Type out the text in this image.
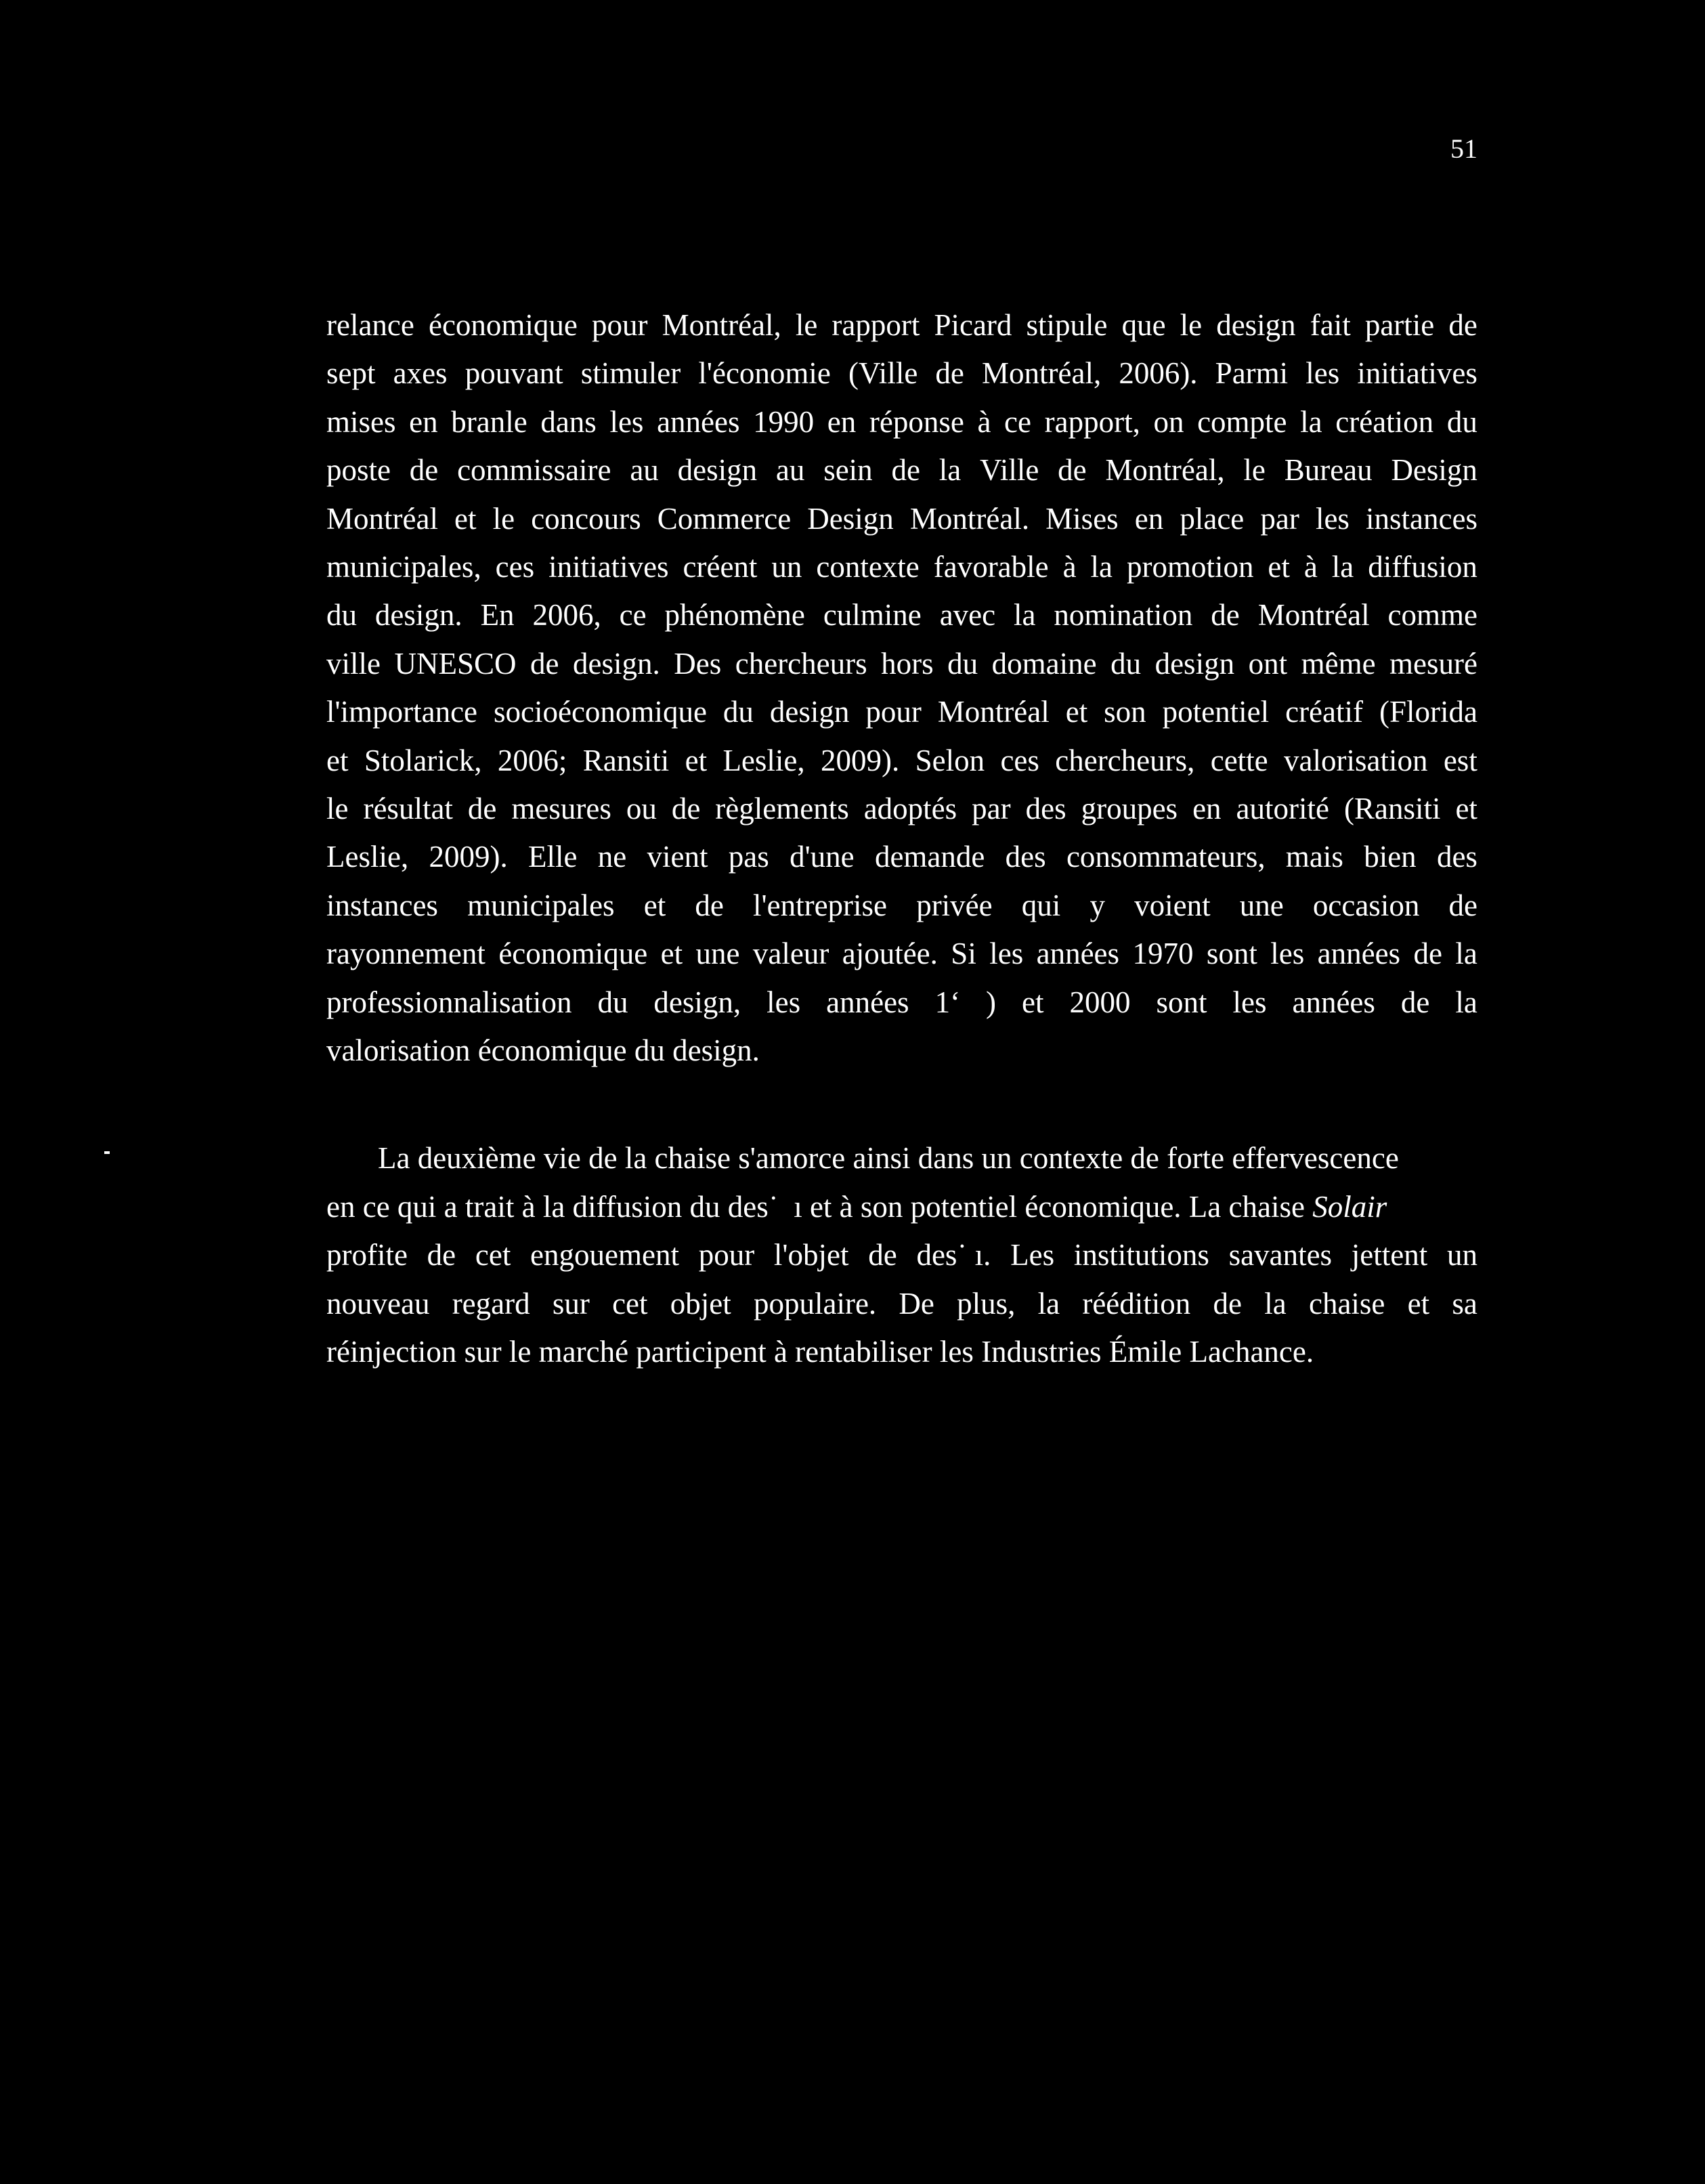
51
relance économique pour Montréal, le rapport Picard stipule que le design fait partie de
sept axes pouvant stimuler l'économie (Ville de Montréal, 2006). Parmi les initiatives
mises en branle dans les années 1990 en réponse à ce rapport, on compte la création du
poste de commissaire au design au sein de la Ville de Montréal, le Bureau Design
Montréal et le concours Commerce Design Montréal. Mises en place par les instances
municipales, ces initiatives créent un contexte favorable à la promotion et à la diffusion
du design. En 2006, ce phénomène culmine avec la nomination de Montréal comme
ville UNESCO de design. Des chercheurs hors du domaine du design ont même mesuré
l'importance socioéconomique du design pour Montréal et son potentiel créatif (Florida
et Stolarick, 2006; Ransiti et Leslie, 2009). Selon ces chercheurs, cette valorisation est
le résultat de mesures ou de règlements adoptés par des groupes en autorité (Ransiti et
Leslie, 2009). Elle ne vient pas d'une demande des consommateurs, mais bien des
instances municipales et de l'entreprise privée qui y voient une occasion de
rayonnement économique et une valeur ajoutée. Si les années 1970 sont les années de la
professionnalisation du design, les années 1‘ ) et 2000 sont les années de la
valorisation économique du design.
La deuxième vie de la chaise s'amorce ainsi dans un contexte de forte effervescence
en ce qui a trait à la diffusion du des˙  ı et à son potentiel économique. La chaise Solair
profite de cet engouement pour l'objet de des˙ ı. Les institutions savantes jettent un
nouveau regard sur cet objet populaire. De plus, la réédition de la chaise et sa
réinjection sur le marché participent à rentabiliser les Industries Émile Lachance.
